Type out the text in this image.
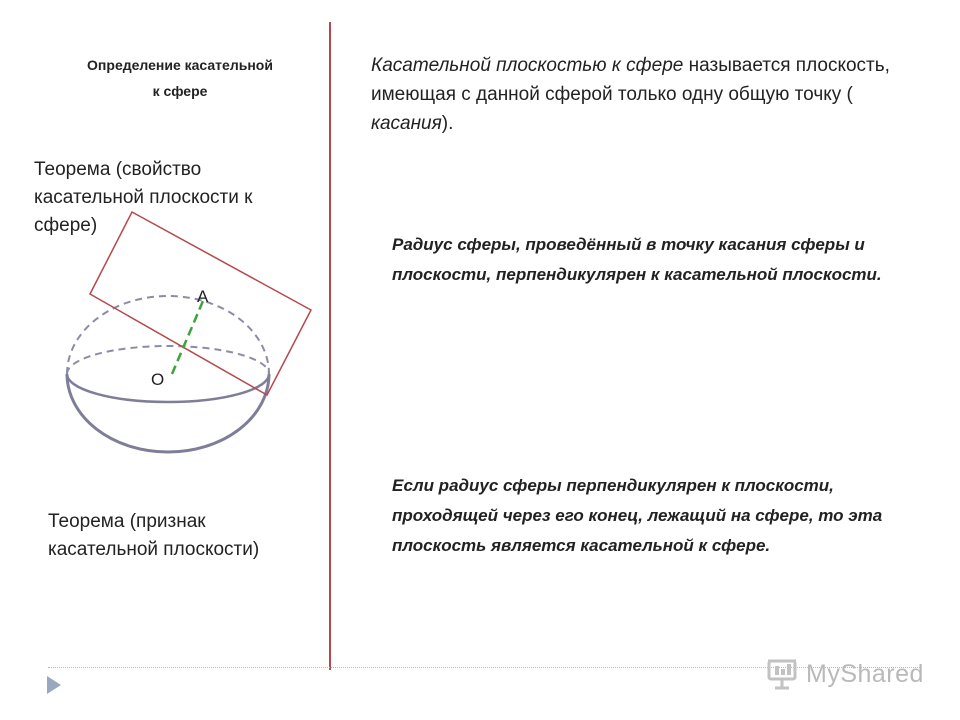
Определение касательной
к сфере
Касательной плоскостью к сфере называется плоскость, имеющая с данной сферой только одну общую точку ( касания).
Теорема (свойство касательной плоскости к сфере)
Радиус сферы, проведённый в точку касания сферы и плоскости, перпендикулярен к касательной плоскости.
А
О
Теорема (признак касательной плоскости)
Если радиус сферы перпендикулярен к плоскости, проходящей через его конец, лежащий на сфере, то эта плоскость является касательной к сфере.
MyShared
